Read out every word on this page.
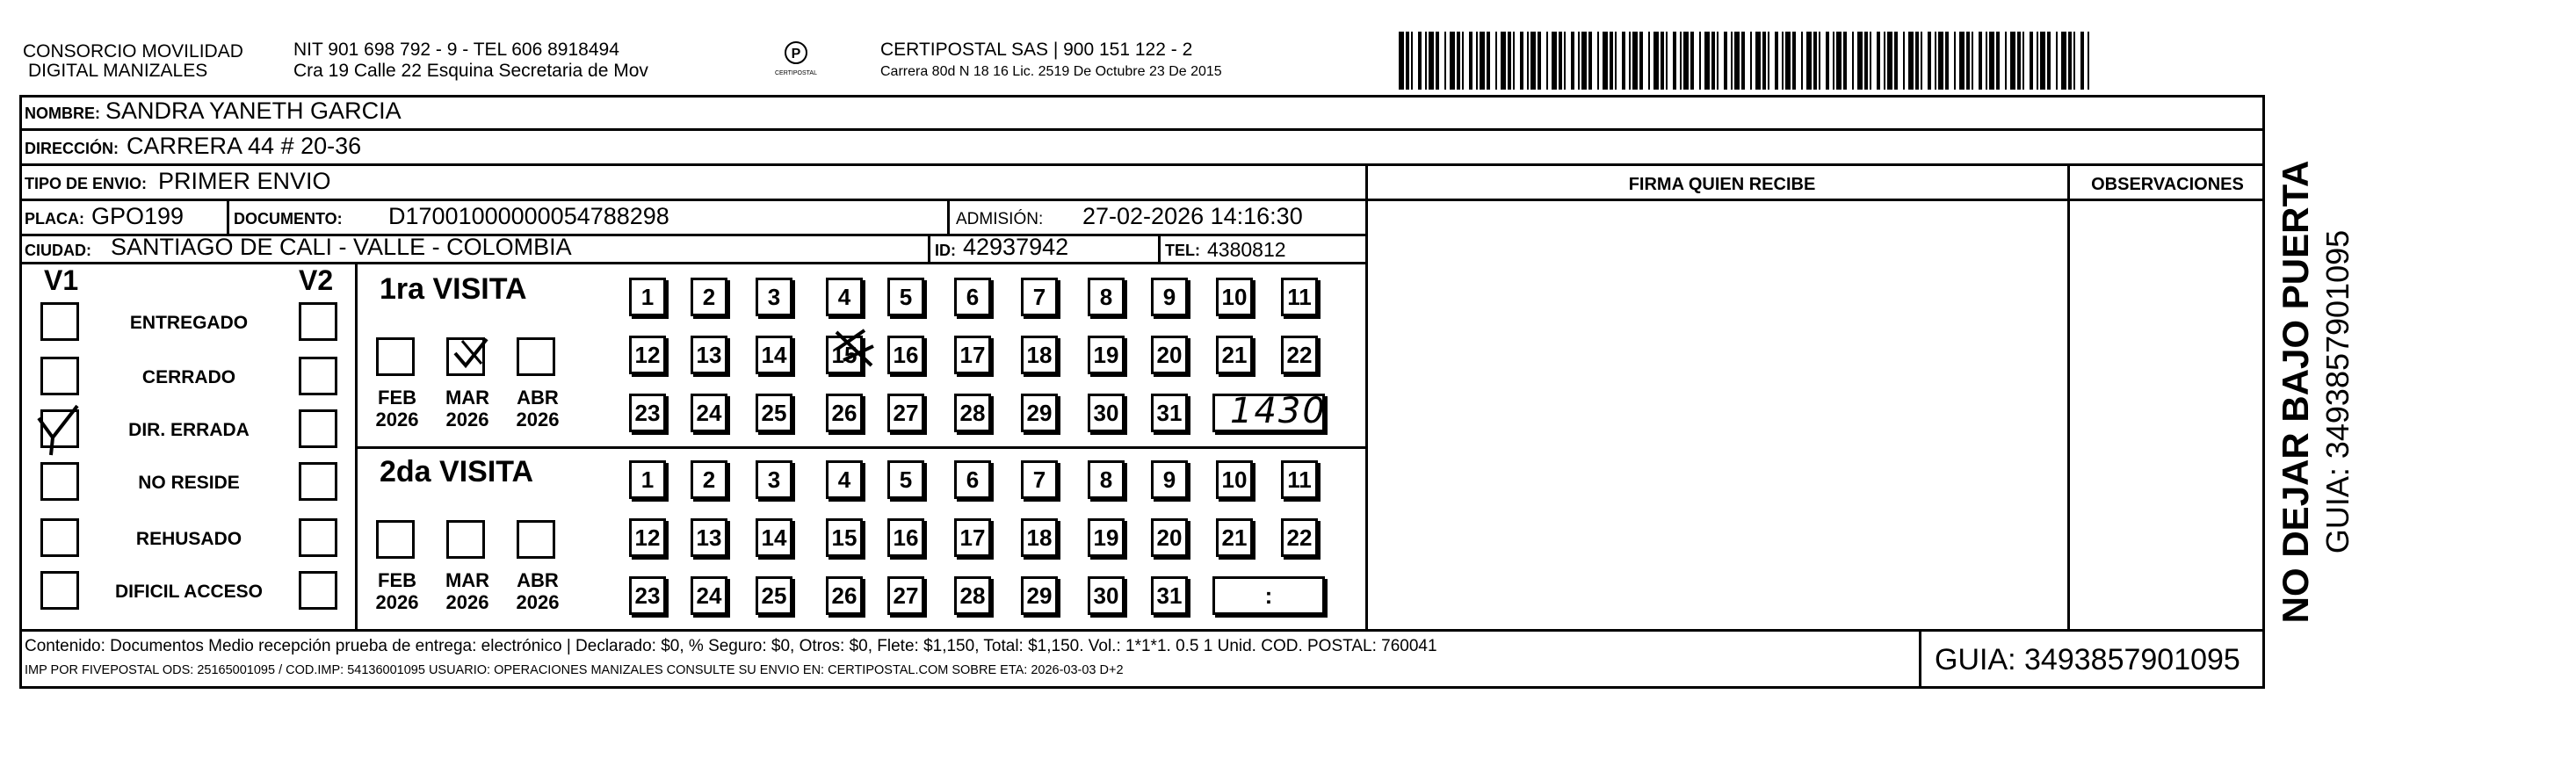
CONSORCIO MOVILIDAD
DIGITAL MANIZALES
NIT 901 698 792 - 9 - TEL 606 8918494
Cra 19 Calle 22 Esquina Secretaria de Mov
P
CERTIPOSTAL
CERTIPOSTAL SAS | 900 151 122 - 2
Carrera 80d N 18 16 Lic. 2519 De Octubre 23 De 2015
NOMBRE: SANDRA YANETH GARCIA
DIRECCIÓN: CARRERA 44 # 20-36
TIPO DE ENVIO: PRIMER ENVIO	FIRMA QUIEN RECIBE	OBSERVACIONES
PLACA: GPO199	DOCUMENTO: D17001000000054788298	ADMISIÓN: 27-02-2026 14:16:30
CIUDAD: SANTIAGO DE CALI - VALLE - COLOMBIA	ID: 42937942	TEL: 4380812
V1	V2
ENTREGADO
CERRADO
DIR. ERRADA
NO RESIDE
REHUSADO
DIFICIL ACCESO
1ra VISITA
2da VISITA
FEB
2026
MAR
2026
ABR
2026
1	2	3	4	5	6	7	8	9	10 11
12 13 14 15 16 17 18 19 20 21 22
23 24 25 26 27 28 29 30 31
FEB
2026
MAR
2026
ABR
2026
1	2	3	4	5	6	7	8	9	10 11
12 13 14 15 16 17 18 19 20 21 22
23 24 25 26 27 28 29 30 31	:
1430
Contenido: Documentos Medio recepción prueba de entrega: electrónico | Declarado: $0, % Seguro: $0, Otros: $0, Flete: $1,150, Total: $1,150. Vol.: 1*1*1. 0.5 1 Unid. COD. POSTAL: 760041
IMP POR FIVEPOSTAL ODS: 25165001095 / COD.IMP: 54136001095 USUARIO: OPERACIONES MANIZALES CONSULTE SU ENVIO EN: CERTIPOSTAL.COM SOBRE ETA: 2026-03-03 D+2	GUIA: 3493857901095
NO DEJAR BAJO PUERTA GUIA: 3493857901095
